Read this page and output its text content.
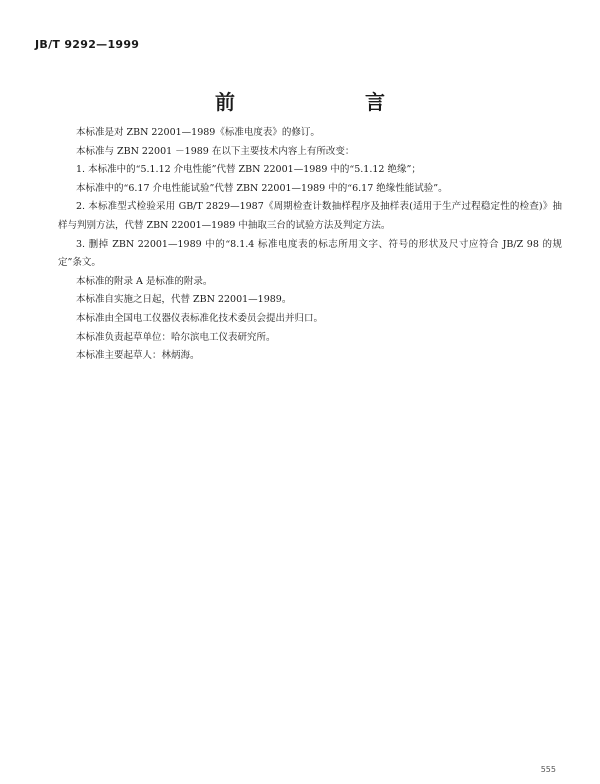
JB/T 9292—1999
前　　言

本标准是对 ZBN 22001—1989《标准电度表》的修订。

本标准与 ZBN 22001 －1989 在以下主要技术内容上有所改变：

1. 本标准中的“5.1.12 介电性能”代替 ZBN 22001—1989 中的“5.1.12 绝缘”；

本标准中的“6.17 介电性能试验”代替 ZBN 22001—1989 中的“6.17 绝缘性能试验”。

2. 本标准型式检验采用 GB/T 2829—1987《周期检查计数抽样程序及抽样表(适用于生产过程稳定性的检查)》抽样与判别方法，代替 ZBN 22001—1989 中抽取三台的试验方法及判定方法。

3. 删掉 ZBN 22001—1989 中的“8.1.4 标准电度表的标志所用文字、符号的形状及尺寸应符合 JB/Z 98 的规定”条文。

本标准的附录 A 是标准的附录。

本标准自实施之日起，代替 ZBN 22001—1989。

本标准由全国电工仪器仪表标准化技术委员会提出并归口。

本标准负责起草单位：哈尔滨电工仪表研究所。

本标准主要起草人：林炳海。

555
